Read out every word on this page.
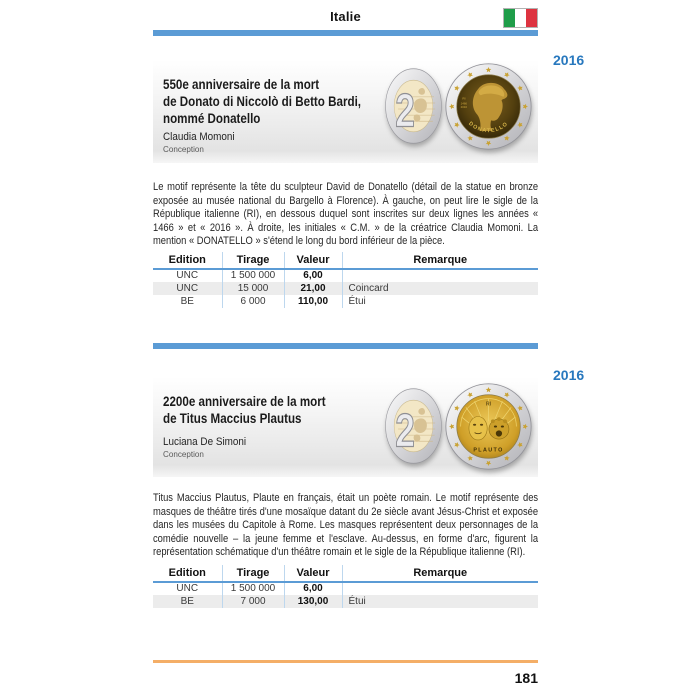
Italie
2016
550e anniversaire de la mort
de Donato di Niccolò di Betto Bardi,
nommé Donatello
Claudia Momoni
Conception
2	RI
1466
2016
DONATELLO

Le motif représente la tête du sculpteur David de Donatello (détail de la statue en bronze exposée au musée national du Bargello à Florence). À gauche, on peut lire le sigle de la République italienne (RI), en dessous duquel sont inscrites sur deux lignes les années « 1466 » et « 2016 ». À droite, les initiales « C.M. » de la créatrice Claudia Momoni. La mention « DONATELLO » s'étend le long du bord inférieur de la pièce.

Edition	Tirage	Valeur	Remarque
UNC	1 500 000	6,00	
UNC	15 000	21,00	Coincard
BE	6 000	110,00	Étui
2016
2200e anniversaire de la mort
de Titus Maccius Plautus
Luciana De Simoni
Conception	2	RI
PLAUTO

Titus Maccius Plautus, Plaute en français, était un poète romain. Le motif représente des masques de théâtre tirés d'une mosaïque datant du 2e siècle avant Jésus-Christ et exposée dans les musées du Capitole à Rome. Les masques représentent deux personnages de la comédie nouvelle – la jeune femme et l'esclave. Au-dessus, en forme d'arc, figurent la représentation schématique d'un théâtre romain et le sigle de la République italienne (RI).

Edition	Tirage	Valeur	Remarque
UNC	1 500 000	6,00	
BE	7 000	130,00	Étui
181
